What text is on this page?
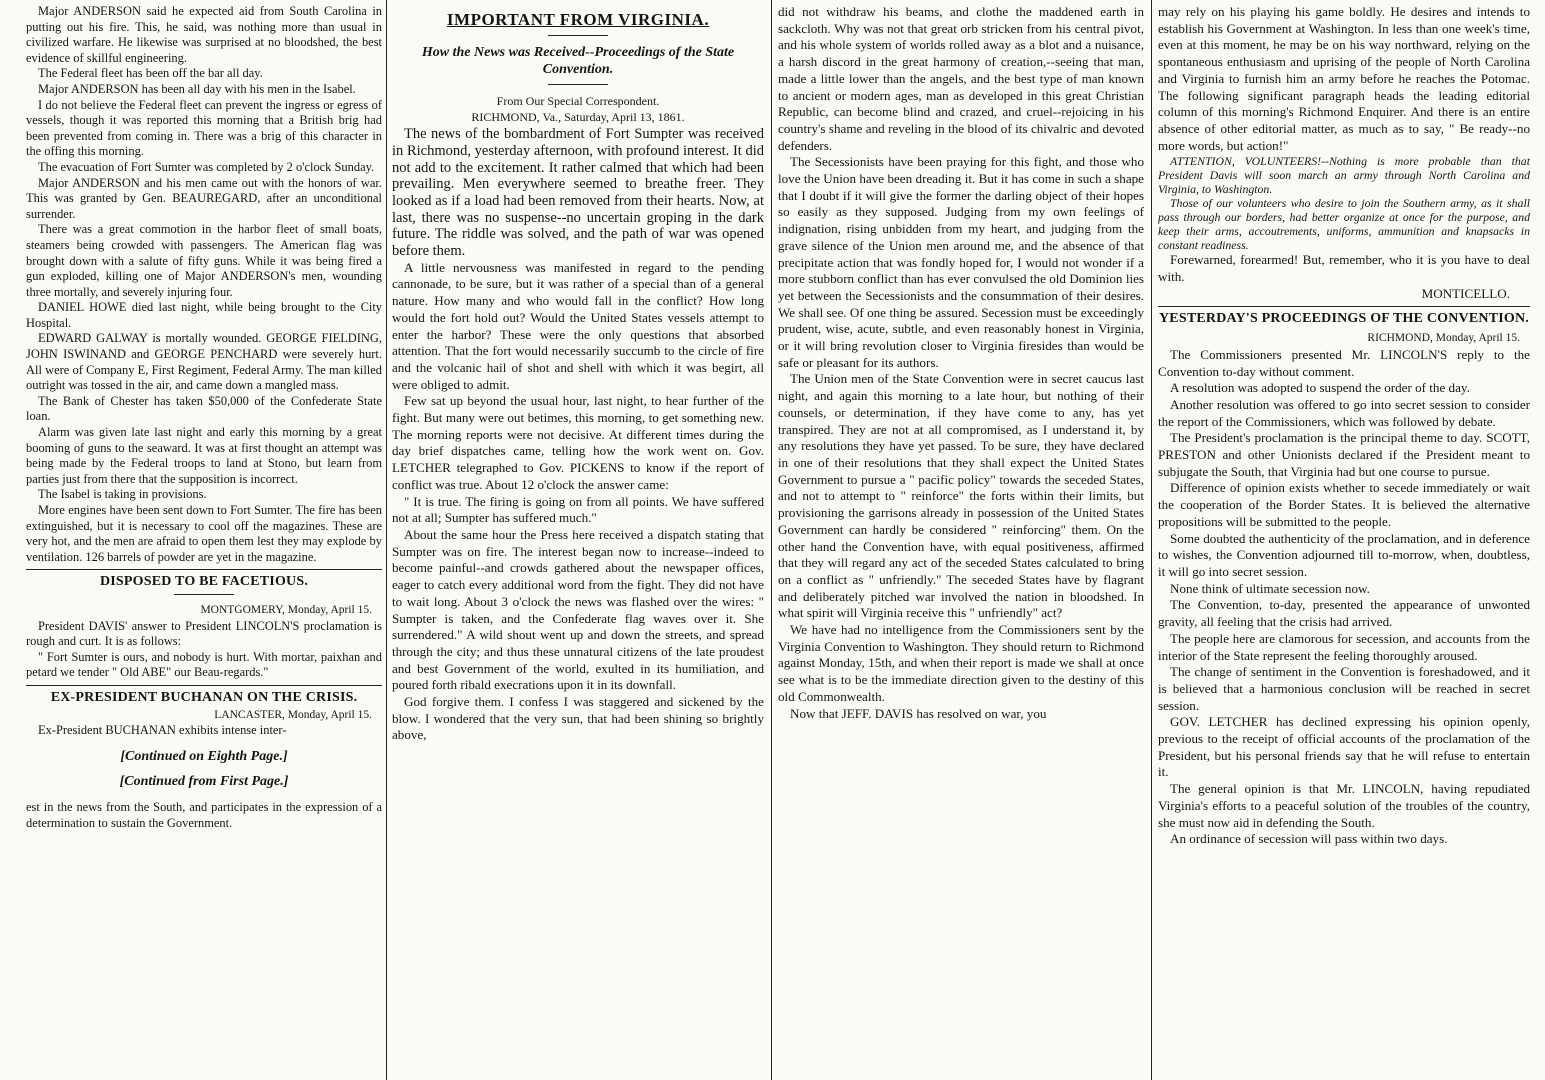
Major ANDERSON said he expected aid from South Carolina in putting out his fire. This, he said, was nothing more than usual in civilized warfare. He likewise was surprised at no bloodshed, the best evidence of skillful engineering.

The Federal fleet has been off the bar all day.

Major ANDERSON has been all day with his men in the Isabel.

I do not believe the Federal fleet can prevent the ingress or egress of vessels, though it was reported this morning that a British brig had been prevented from coming in. There was a brig of this character in the offing this morning.

The evacuation of Fort Sumter was completed by 2 o'clock Sunday.

Major ANDERSON and his men came out with the honors of war. This was granted by Gen. BEAUREGARD, after an unconditional surrender.

There was a great commotion in the harbor fleet of small boats, steamers being crowded with passengers. The American flag was brought down with a salute of fifty guns. While it was being fired a gun exploded, killing one of Major ANDERSON's men, wounding three mortally, and severely injuring four.

DANIEL HOWE died last night, while being brought to the City Hospital.

EDWARD GALWAY is mortally wounded. GEORGE FIELDING, JOHN ISWINAND and GEORGE PENCHARD were severely hurt. All were of Company E, First Regiment, Federal Army. The man killed outright was tossed in the air, and came down a mangled mass.

The Bank of Chester has taken $50,000 of the Confederate State loan.

Alarm was given late last night and early this morning by a great booming of guns to the seaward. It was at first thought an attempt was being made by the Federal troops to land at Stono, but learn from parties just from there that the supposition is incorrect.

The Isabel is taking in provisions.

More engines have been sent down to Fort Sumter. The fire has been extinguished, but it is necessary to cool off the magazines. These are very hot, and the men are afraid to open them lest they may explode by ventilation. 126 barrels of powder are yet in the magazine.

DISPOSED TO BE FACETIOUS.

MONTGOMERY, Monday, April 15.

President DAVIS' answer to President LINCOLN'S proclamation is rough and curt. It is as follows:

" Fort Sumter is ours, and nobody is hurt. With mortar, paixhan and petard we tender " Old ABE" our Beau-regards."

EX-PRESIDENT BUCHANAN ON THE CRISIS.

LANCASTER, Monday, April 15.

Ex-President BUCHANAN exhibits intense inter-

[Continued on Eighth Page.]

[Continued from First Page.]

est in the news from the South, and participates in the expression of a determination to sustain the Government.

IMPORTANT FROM VIRGINIA.
How the News was Received--Proceedings of the State Convention.

From Our Special Correspondent.

RICHMOND, Va., Saturday, April 13, 1861.

The news of the bombardment of Fort Sumpter was received in Richmond, yesterday afternoon, with profound interest. It did not add to the excitement. It rather calmed that which had been prevailing. Men everywhere seemed to breathe freer. They looked as if a load had been removed from their hearts. Now, at last, there was no suspense--no uncertain groping in the dark future. The riddle was solved, and the path of war was opened before them.

A little nervousness was manifested in regard to the pending cannonade, to be sure, but it was rather of a special than of a general nature. How many and who would fall in the conflict? How long would the fort hold out? Would the United States vessels attempt to enter the harbor? These were the only questions that absorbed attention. That the fort would necessarily succumb to the circle of fire and the volcanic hail of shot and shell with which it was begirt, all were obliged to admit.

Few sat up beyond the usual hour, last night, to hear further of the fight. But many were out betimes, this morning, to get something new. The morning reports were not decisive. At different times during the day brief dispatches came, telling how the work went on. Gov. LETCHER telegraphed to Gov. PICKENS to know if the report of conflict was true. About 12 o'clock the answer came:

" It is true. The firing is going on from all points. We have suffered not at all; Sumpter has suffered much."

About the same hour the Press here received a dispatch stating that Sumpter was on fire. The interest began now to increase--indeed to become painful--and crowds gathered about the newspaper offices, eager to catch every additional word from the fight. They did not have to wait long. About 3 o'clock the news was flashed over the wires: " Sumpter is taken, and the Confederate flag waves over it. She surrendered." A wild shout went up and down the streets, and spread through the city; and thus these unnatural citizens of the late proudest and best Government of the world, exulted in its humiliation, and poured forth ribald execrations upon it in its downfall.

God forgive them. I confess I was staggered and sickened by the blow. I wondered that the very sun, that had been shining so brightly above,

did not withdraw his beams, and clothe the maddened earth in sackcloth. Why was not that great orb stricken from his central pivot, and his whole system of worlds rolled away as a blot and a nuisance, a harsh discord in the great harmony of creation,--seeing that man, made a little lower than the angels, and the best type of man known to ancient or modern ages, man as developed in this great Christian Republic, can become blind and crazed, and cruel--rejoicing in his country's shame and reveling in the blood of its chivalric and devoted defenders.

The Secessionists have been praying for this fight, and those who love the Union have been dreading it. But it has come in such a shape that I doubt if it will give the former the darling object of their hopes so easily as they supposed. Judging from my own feelings of indignation, rising unbidden from my heart, and judging from the grave silence of the Union men around me, and the absence of that precipitate action that was fondly hoped for, I would not wonder if a more stubborn conflict than has ever convulsed the old Dominion lies yet between the Secessionists and the consummation of their desires. We shall see. Of one thing be assured. Secession must be exceedingly prudent, wise, acute, subtle, and even reasonably honest in Virginia, or it will bring revolution closer to Virginia firesides than would be safe or pleasant for its authors.

The Union men of the State Convention were in secret caucus last night, and again this morning to a late hour, but nothing of their counsels, or determination, if they have come to any, has yet transpired. They are not at all compromised, as I understand it, by any resolutions they have yet passed. To be sure, they have declared in one of their resolutions that they shall expect the United States Government to pursue a " pacific policy" towards the seceded States, and not to attempt to " reinforce" the forts within their limits, but provisioning the garrisons already in possession of the United States Government can hardly be considered " reinforcing" them. On the other hand the Convention have, with equal positiveness, affirmed that they will regard any act of the seceded States calculated to bring on a conflict as " unfriendly." The seceded States have by flagrant and deliberately pitched war involved the nation in bloodshed. In what spirit will Virginia receive this " unfriendly" act?

We have had no intelligence from the Commissioners sent by the Virginia Convention to Washington. They should return to Richmond against Monday, 15th, and when their report is made we shall at once see what is to be the immediate direction given to the destiny of this old Commonwealth.

Now that JEFF. DAVIS has resolved on war, you

may rely on his playing his game boldly. He desires and intends to establish his Government at Washington. In less than one week's time, even at this moment, he may be on his way northward, relying on the spontaneous enthusiasm and uprising of the people of North Carolina and Virginia to furnish him an army before he reaches the Potomac. The following significant paragraph heads the leading editorial column of this morning's Richmond Enquirer. And there is an entire absence of other editorial matter, as much as to say, " Be ready--no more words, but action!"

ATTENTION, VOLUNTEERS!--Nothing is more probable than that President Davis will soon march an army through North Carolina and Virginia, to Washington.

Those of our volunteers who desire to join the Southern army, as it shall pass through our borders, had better organize at once for the purpose, and keep their arms, accoutrements, uniforms, ammunition and knapsacks in constant readiness.

Forewarned, forearmed! But, remember, who it is you have to deal with.

MONTICELLO.

YESTERDAY'S PROCEEDINGS OF THE CONVENTION.

RICHMOND, Monday, April 15.

The Commissioners presented Mr. LINCOLN'S reply to the Convention to-day without comment.

A resolution was adopted to suspend the order of the day.

Another resolution was offered to go into secret session to consider the report of the Commissioners, which was followed by debate.

The President's proclamation is the principal theme to day. SCOTT, PRESTON and other Unionists declared if the President meant to subjugate the South, that Virginia had but one course to pursue.

Difference of opinion exists whether to secede immediately or wait the cooperation of the Border States. It is believed the alternative propositions will be submitted to the people.

Some doubted the authenticity of the proclamation, and in deference to wishes, the Convention adjourned till to-morrow, when, doubtless, it will go into secret session.

None think of ultimate secession now.

The Convention, to-day, presented the appearance of unwonted gravity, all feeling that the crisis had arrived.

The people here are clamorous for secession, and accounts from the interior of the State represent the feeling thoroughly aroused.

The change of sentiment in the Convention is foreshadowed, and it is believed that a harmonious conclusion will be reached in secret session.

GOV. LETCHER has declined expressing his opinion openly, previous to the receipt of official accounts of the proclamation of the President, but his personal friends say that he will refuse to entertain it.

The general opinion is that Mr. LINCOLN, having repudiated Virginia's efforts to a peaceful solution of the troubles of the country, she must now aid in defending the South.

An ordinance of secession will pass within two days.
